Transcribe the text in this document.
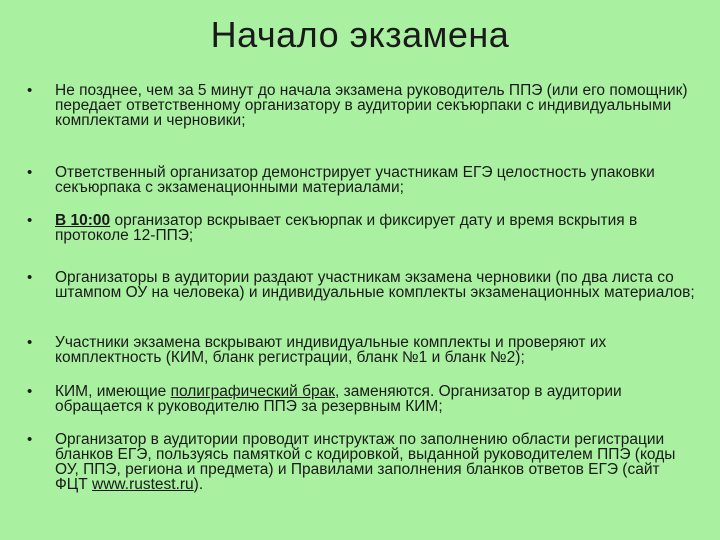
Начало экзамена
• Не позднее, чем за 5 минут до начала экзамена руководитель ППЭ (или его помощник) передает ответственному организатору в аудитории секъюрпаки с индивидуальными комплектами и черновики;
• Ответственный организатор демонстрирует участникам ЕГЭ целостность упаковки секъюрпака с экзаменационными материалами;
• В 10:00 организатор вскрывает секъюрпак и фиксирует дату и время вскрытия в протоколе 12-ППЭ;
• Организаторы в аудитории раздают участникам экзамена черновики (по два листа со штампом ОУ на человека) и индивидуальные комплекты экзаменационных материалов;
• Участники экзамена вскрывают индивидуальные комплекты и проверяют их комплектность (КИМ, бланк регистрации, бланк №1 и бланк №2);
• КИМ, имеющие полиграфический брак, заменяются. Организатор в аудитории обращается к руководителю ППЭ за резервным КИМ;
• Организатор в аудитории проводит инструктаж по заполнению области регистрации бланков ЕГЭ, пользуясь памяткой с кодировкой, выданной руководителем ППЭ (коды ОУ, ППЭ, региона и предмета) и Правилами заполнения бланков ответов ЕГЭ (сайт ФЦТ www.rustest.ru).
